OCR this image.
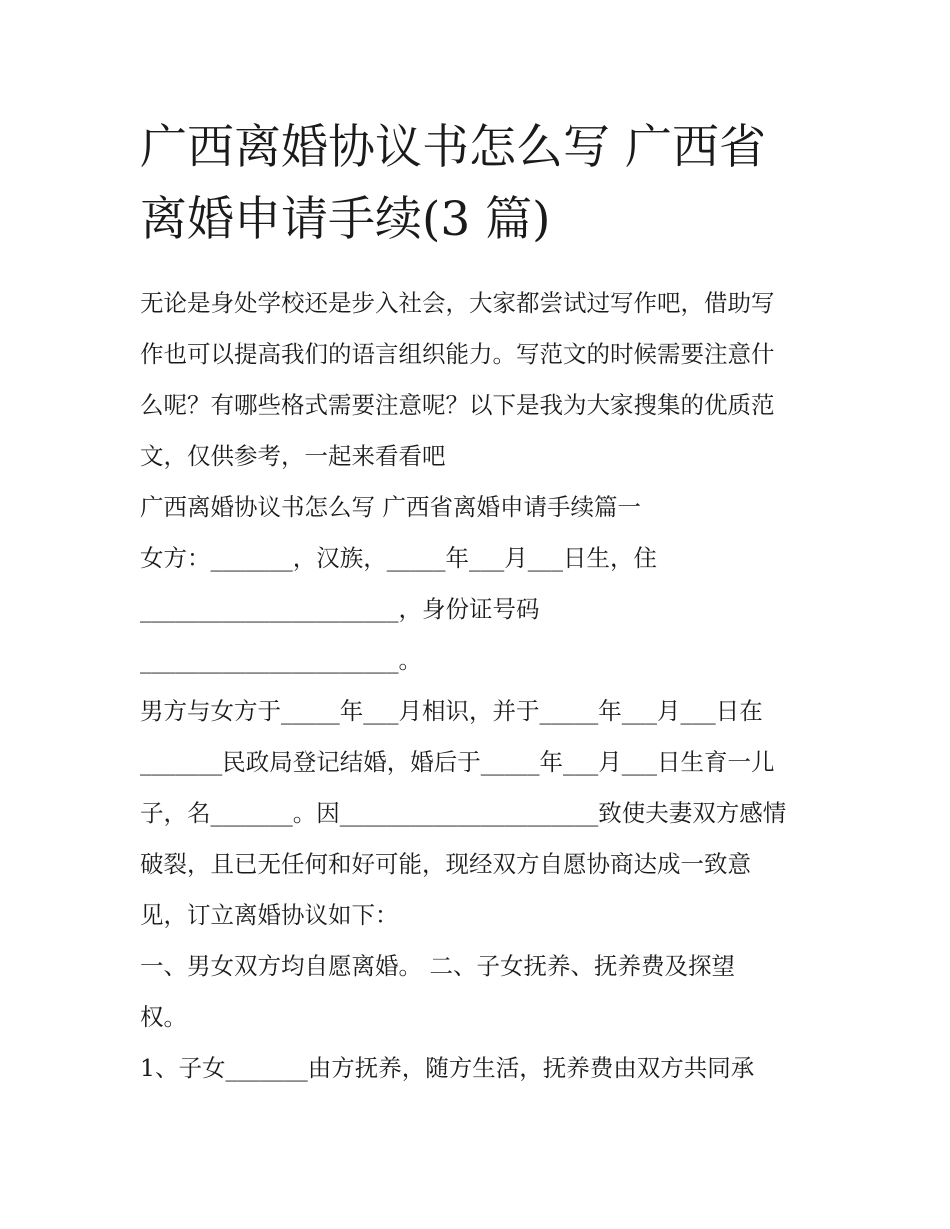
广西离婚协议书怎么写 广西省
离婚申请手续(3 篇)
无论是身处学校还是步入社会，大家都尝试过写作吧，借助写
作也可以提高我们的语言组织能力。写范文的时候需要注意什
么呢？有哪些格式需要注意呢？以下是我为大家搜集的优质范
文，仅供参考，一起来看看吧
广西离婚协议书怎么写 广西省离婚申请手续篇一
女方：_______，汉族，_____年___月___日生，住
______________________，身份证号码
______________________。
男方与女方于_____年___月相识，并于_____年___月___日在
_______民政局登记结婚，婚后于_____年___月___日生育一儿
子，名_______。因______________________致使夫妻双方感情
破裂，且已无任何和好可能，现经双方自愿协商达成一致意
见，订立离婚协议如下：
一、男女双方均自愿离婚。 二、子女抚养、抚养费及探望
权。
1、子女_______由方抚养，随方生活，抚养费由双方共同承
